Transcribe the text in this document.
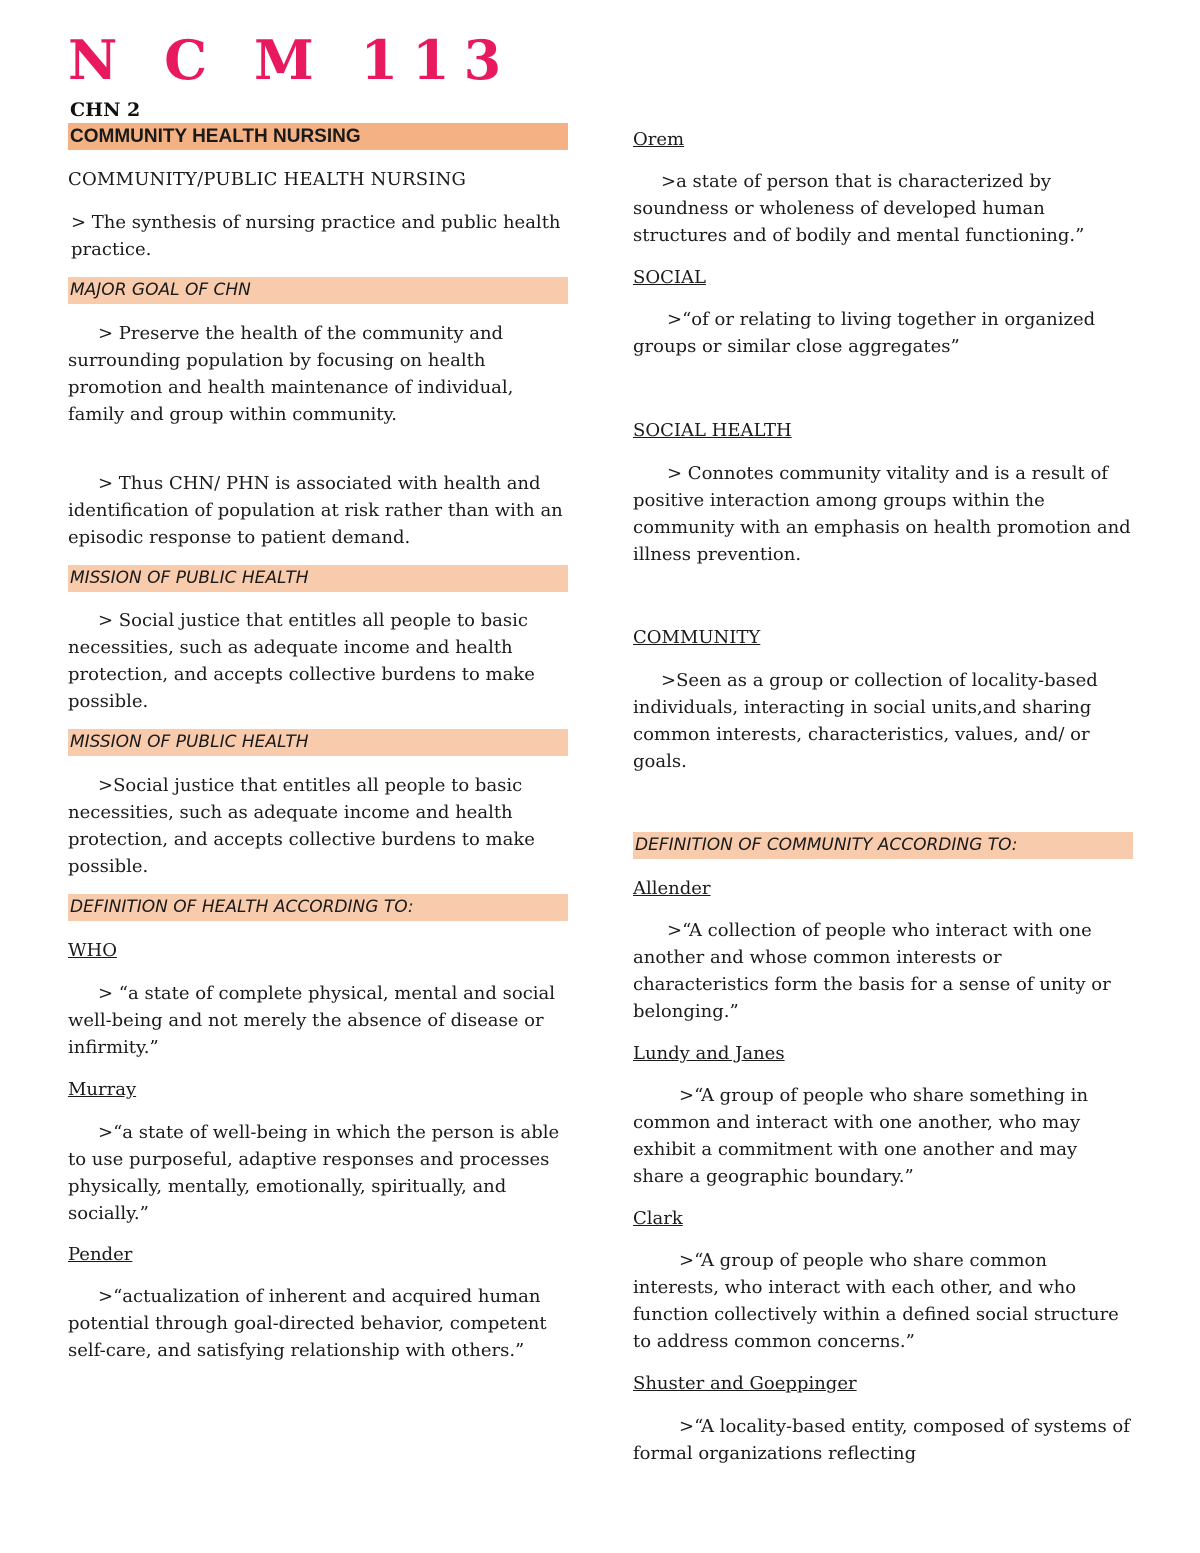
N C M 113
CHN 2
COMMUNITY HEALTH NURSING
COMMUNITY/PUBLIC HEALTH NURSING
> The synthesis of nursing practice and public health practice.
MAJOR GOAL OF CHN
> Preserve the health of the community and surrounding population by focusing on health promotion and health maintenance of individual, family and group within community.
> Thus CHN/ PHN is associated with health and identification of population at risk rather than with an episodic response to patient demand.
MISSION OF PUBLIC HEALTH
> Social justice that entitles all people to basic necessities, such as adequate income and health protection, and accepts collective burdens to make possible.
MISSION OF PUBLIC HEALTH
>Social justice that entitles all people to basic necessities, such as adequate income and health protection, and accepts collective burdens to make possible.
DEFINITION OF HEALTH ACCORDING TO:
WHO
> “a state of complete physical, mental and social well-being and not merely the absence of disease or infirmity.”
Murray
>“a state of well-being in which the person is able to use purposeful, adaptive responses and processes physically, mentally, emotionally, spiritually, and socially.”
Pender
>“actualization of inherent and acquired human potential through goal-directed behavior, competent self-care, and satisfying relationship with others.”
Orem
>a state of person that is characterized by soundness or wholeness of developed human structures and of bodily and mental functioning.”
SOCIAL
>“of or relating to living together in organized groups or similar close aggregates”
SOCIAL HEALTH
> Connotes community vitality and is a result of positive interaction among groups within the community with an emphasis on health promotion and illness prevention.
COMMUNITY
>Seen as a group or collection of locality-based individuals, interacting in social units,and sharing common interests, characteristics, values, and/ or goals.
DEFINITION OF COMMUNITY ACCORDING TO:
Allender
>“A collection of people who interact with one another and whose common interests or characteristics form the basis for a sense of unity or belonging.”
Lundy and Janes
>“A group of people who share something in common and interact with one another, who may exhibit a commitment with one another and may share a geographic boundary.”
Clark
>“A group of people who share common interests, who interact with each other, and who function collectively within a defined social structure to address common concerns.”
Shuster and Goeppinger
>“A locality-based entity, composed of systems of formal organizations reflecting
